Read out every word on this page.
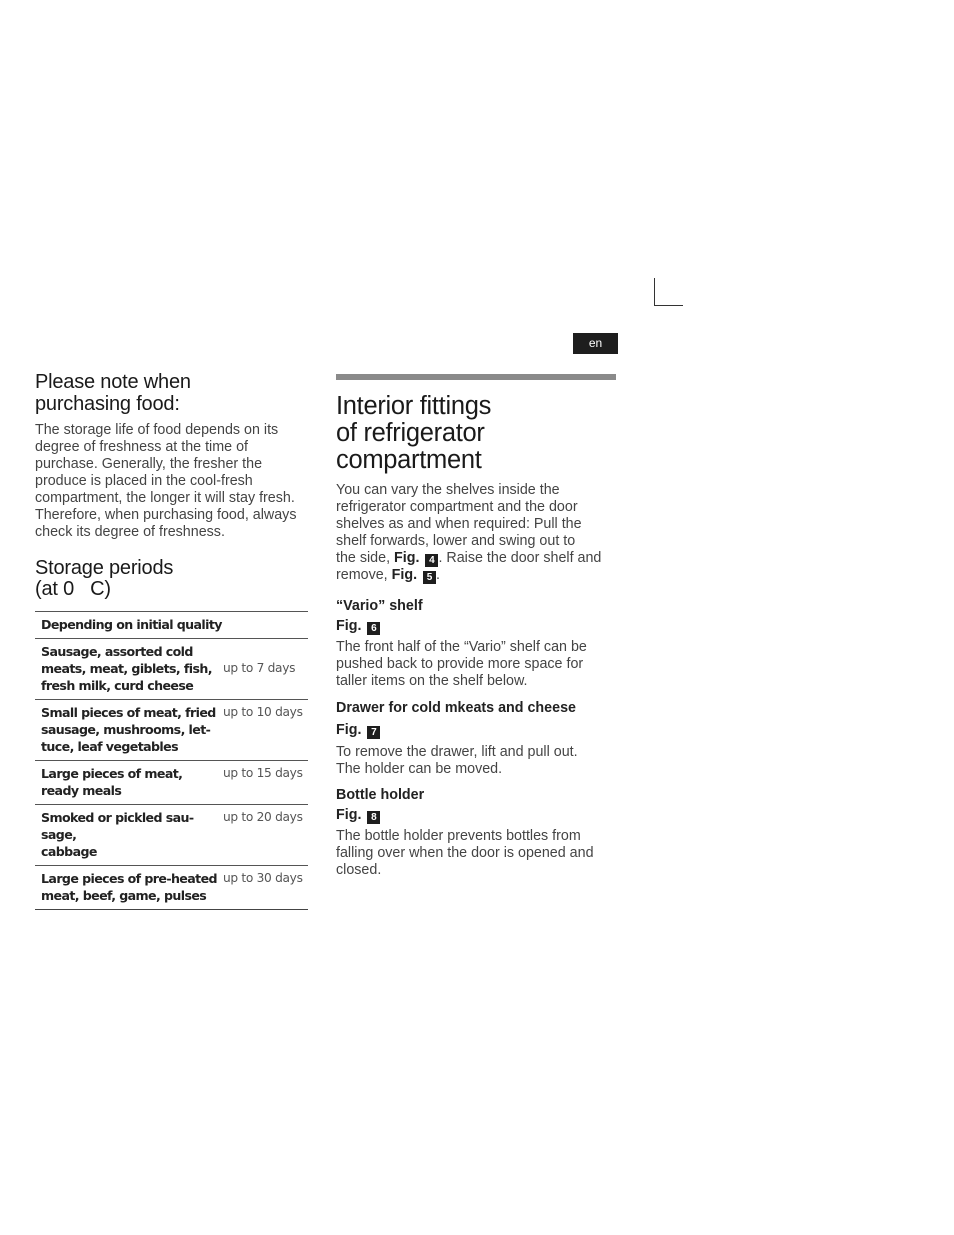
en
Please note when
purchasing food:

The storage life of food depends on its
degree of freshness at the time of
purchase. Generally, the fresher the
produce is placed in the cool-fresh
compartment, the longer it will stay fresh.
Therefore, when purchasing food, always
check its degree of freshness.

Storage periods
(at 0   C)
Depending on initial quality	

Sausage, assorted cold
meats, meat, giblets, fish,
fresh milk, curd cheese	up to 7 days

Small pieces of meat, fried
sausage, mushrooms, let-
tuce, leaf vegetables	up to 10 days

Large pieces of meat,
ready meals	up to 15 days

Smoked or pickled sau-
sage,
cabbage	up to 20 days

Large pieces of pre-heated
meat, beef, game, pulses	up to 30 days
Interior fittings
of refrigerator
compartment

You can vary the shelves inside the
refrigerator compartment and the door
shelves as and when required: Pull the
shelf forwards, lower and swing out to
the side, Fig. 4 . Raise the door shelf and
remove, Fig. 5 .

“Vario” shelf
Fig. 6

The front half of the “Vario” shelf can be
pushed back to provide more space for
taller items on the shelf below.

Drawer for cold mkeats and cheese
Fig. 7

To remove the drawer, lift and pull out.
The holder can be moved.

Bottle holder
Fig. 8

The bottle holder prevents bottles from
falling over when the door is opened and
closed.
